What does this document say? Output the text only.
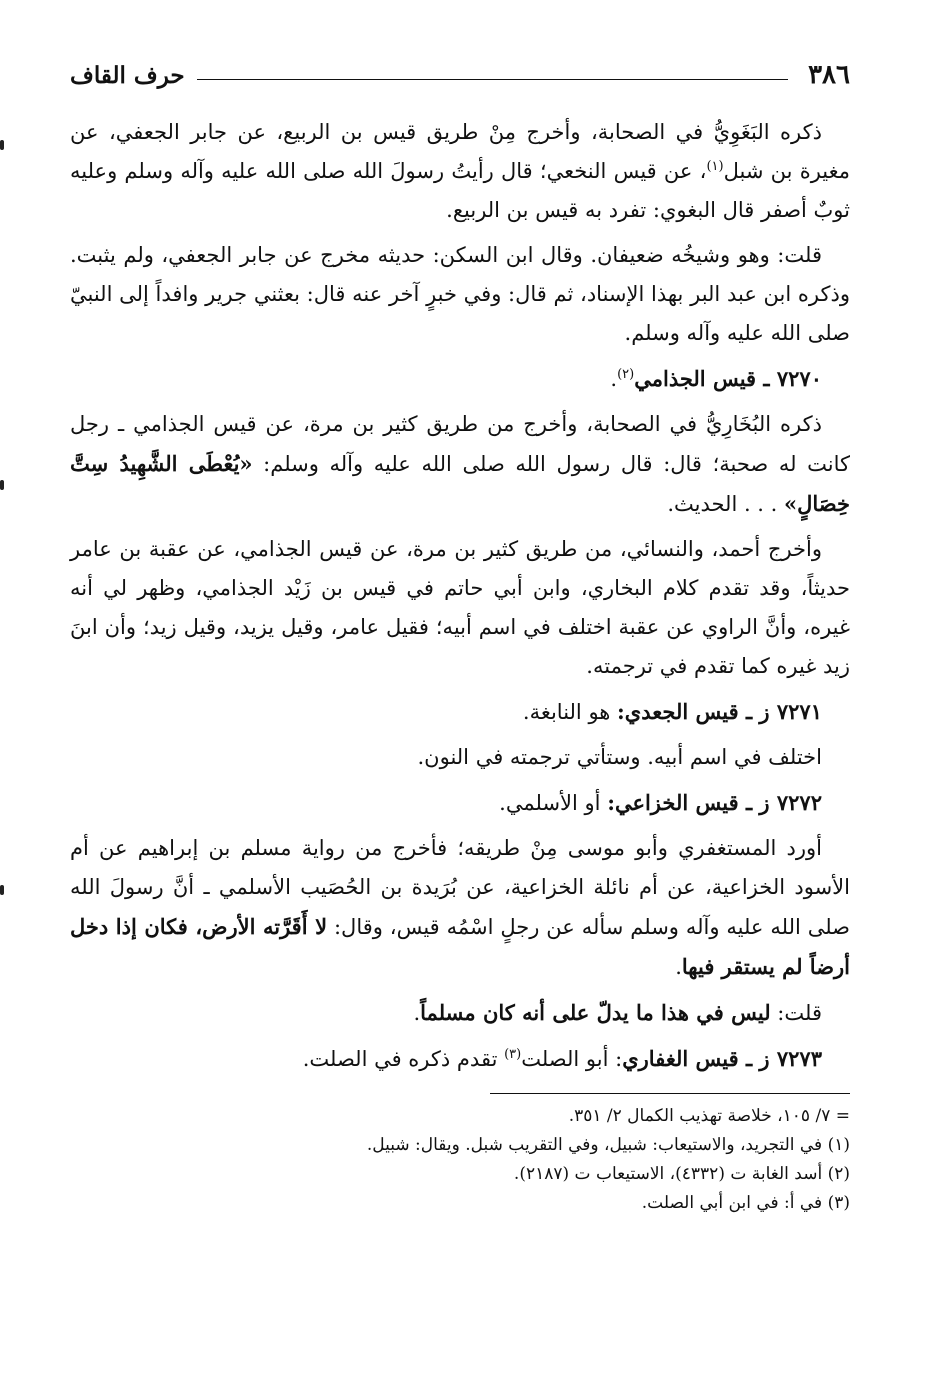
٣٨٦
حرف القاف

ذكره البَغَوِيُّ في الصحابة، وأخرج مِنْ طريق قيس بن الربيع، عن جابر الجعفي، عن مغيرة بن شبل$^{(١)}$، عن قيس النخعي؛ قال رأيتُ رسولَ الله صلى الله عليه وآله وسلم وعليه ثوبٌ أصفر قال البغوي: تفرد به قيس بن الربيع.

قلت: وهو وشيخُه ضعيفان. وقال ابن السكن: حديثه مخرج عن جابر الجعفي، ولم يثبت. وذكره ابن عبد البر بهذا الإسناد، ثم قال: وفي خبرٍ آخر عنه قال: بعثني جرير وافداً إلى النبيّ صلى الله عليه وآله وسلم.

٧٢٧٠ ـ قيس الجذامي$^{(٢)}$.

ذكره البُخَارِيُّ في الصحابة، وأخرج من طريق كثير بن مرة، عن قيس الجذامي ـ رجل كانت له صحبة؛ قال: قال رسول الله صلى الله عليه وآله وسلم: «يُعْطَى الشَّهِيدُ سِتَّ خِصَالٍ» . . . الحديث.

وأخرج أحمد، والنسائي، من طريق كثير بن مرة، عن قيس الجذامي، عن عقبة بن عامر حديثاً، وقد تقدم كلام البخاري، وابن أبي حاتم في قيس بن زَيْد الجذامي، وظهر لي أنه غيره، وأنَّ الراوي عن عقبة اختلف في اسم أبيه؛ فقيل عامر، وقيل يزيد، وقيل زيد؛ وأن ابنَ زيد غيره كما تقدم في ترجمته.

٧٢٧١ ز ـ قيس الجعدي: هو النابغة.

اختلف في اسم أبيه. وستأتي ترجمته في النون.

٧٢٧٢ ز ـ قيس الخزاعي: أو الأسلمي.

أورد المستغفري وأبو موسى مِنْ طريقه؛ فأخرج من رواية مسلم بن إبراهيم عن أم الأسود الخزاعية، عن أم نائلة الخزاعية، عن بُرَيدة بن الحُصَيب الأسلمي ـ أنَّ رسولَ الله صلى الله عليه وآله وسلم سأله عن رجلٍ اسْمُه قيس، وقال: لا أَقَرَّته الأرض، فكان إذا دخل أرضاً لم يستقر فيها.

قلت: ليس في هذا ما يدلّ على أنه كان مسلماً.

٧٢٧٣ ز ـ قيس الغفاري: أبو الصلت$^{(٣)}$ تقدم ذكره في الصلت.

= ٧/ ١٠٥، خلاصة تهذيب الكمال ٢/ ٣٥١.

(١) في التجريد، والاستيعاب: شبيل، وفي التقريب شبل. ويقال: شبيل.

(٢) أسد الغابة ت (٤٣٣٢)، الاستيعاب ت (٢١٨٧).

(٣) في أ: في ابن أبي الصلت.
